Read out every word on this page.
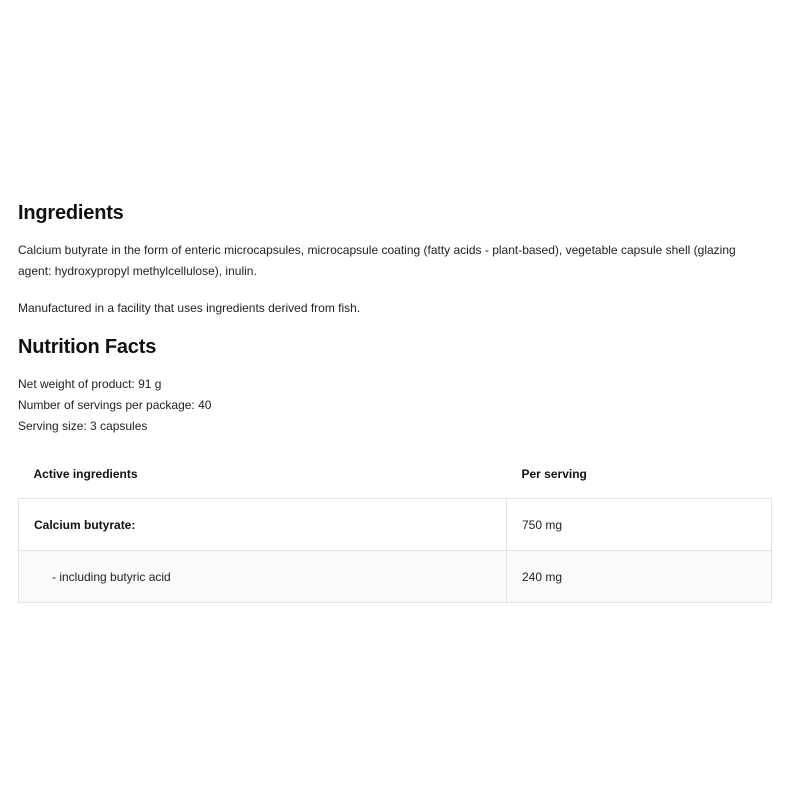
Ingredients

Calcium butyrate in the form of enteric microcapsules, microcapsule coating (fatty acids - plant-based), vegetable capsule shell (glazing agent: hydroxypropyl methylcellulose), inulin.

Manufactured in a facility that uses ingredients derived from fish.

Nutrition Facts

Net weight of product: 91 g

Number of servings per package: 40

Serving size: 3 capsules

Active ingredients	Per serving
Calcium butyrate:	750 mg
- including butyric acid	240 mg
